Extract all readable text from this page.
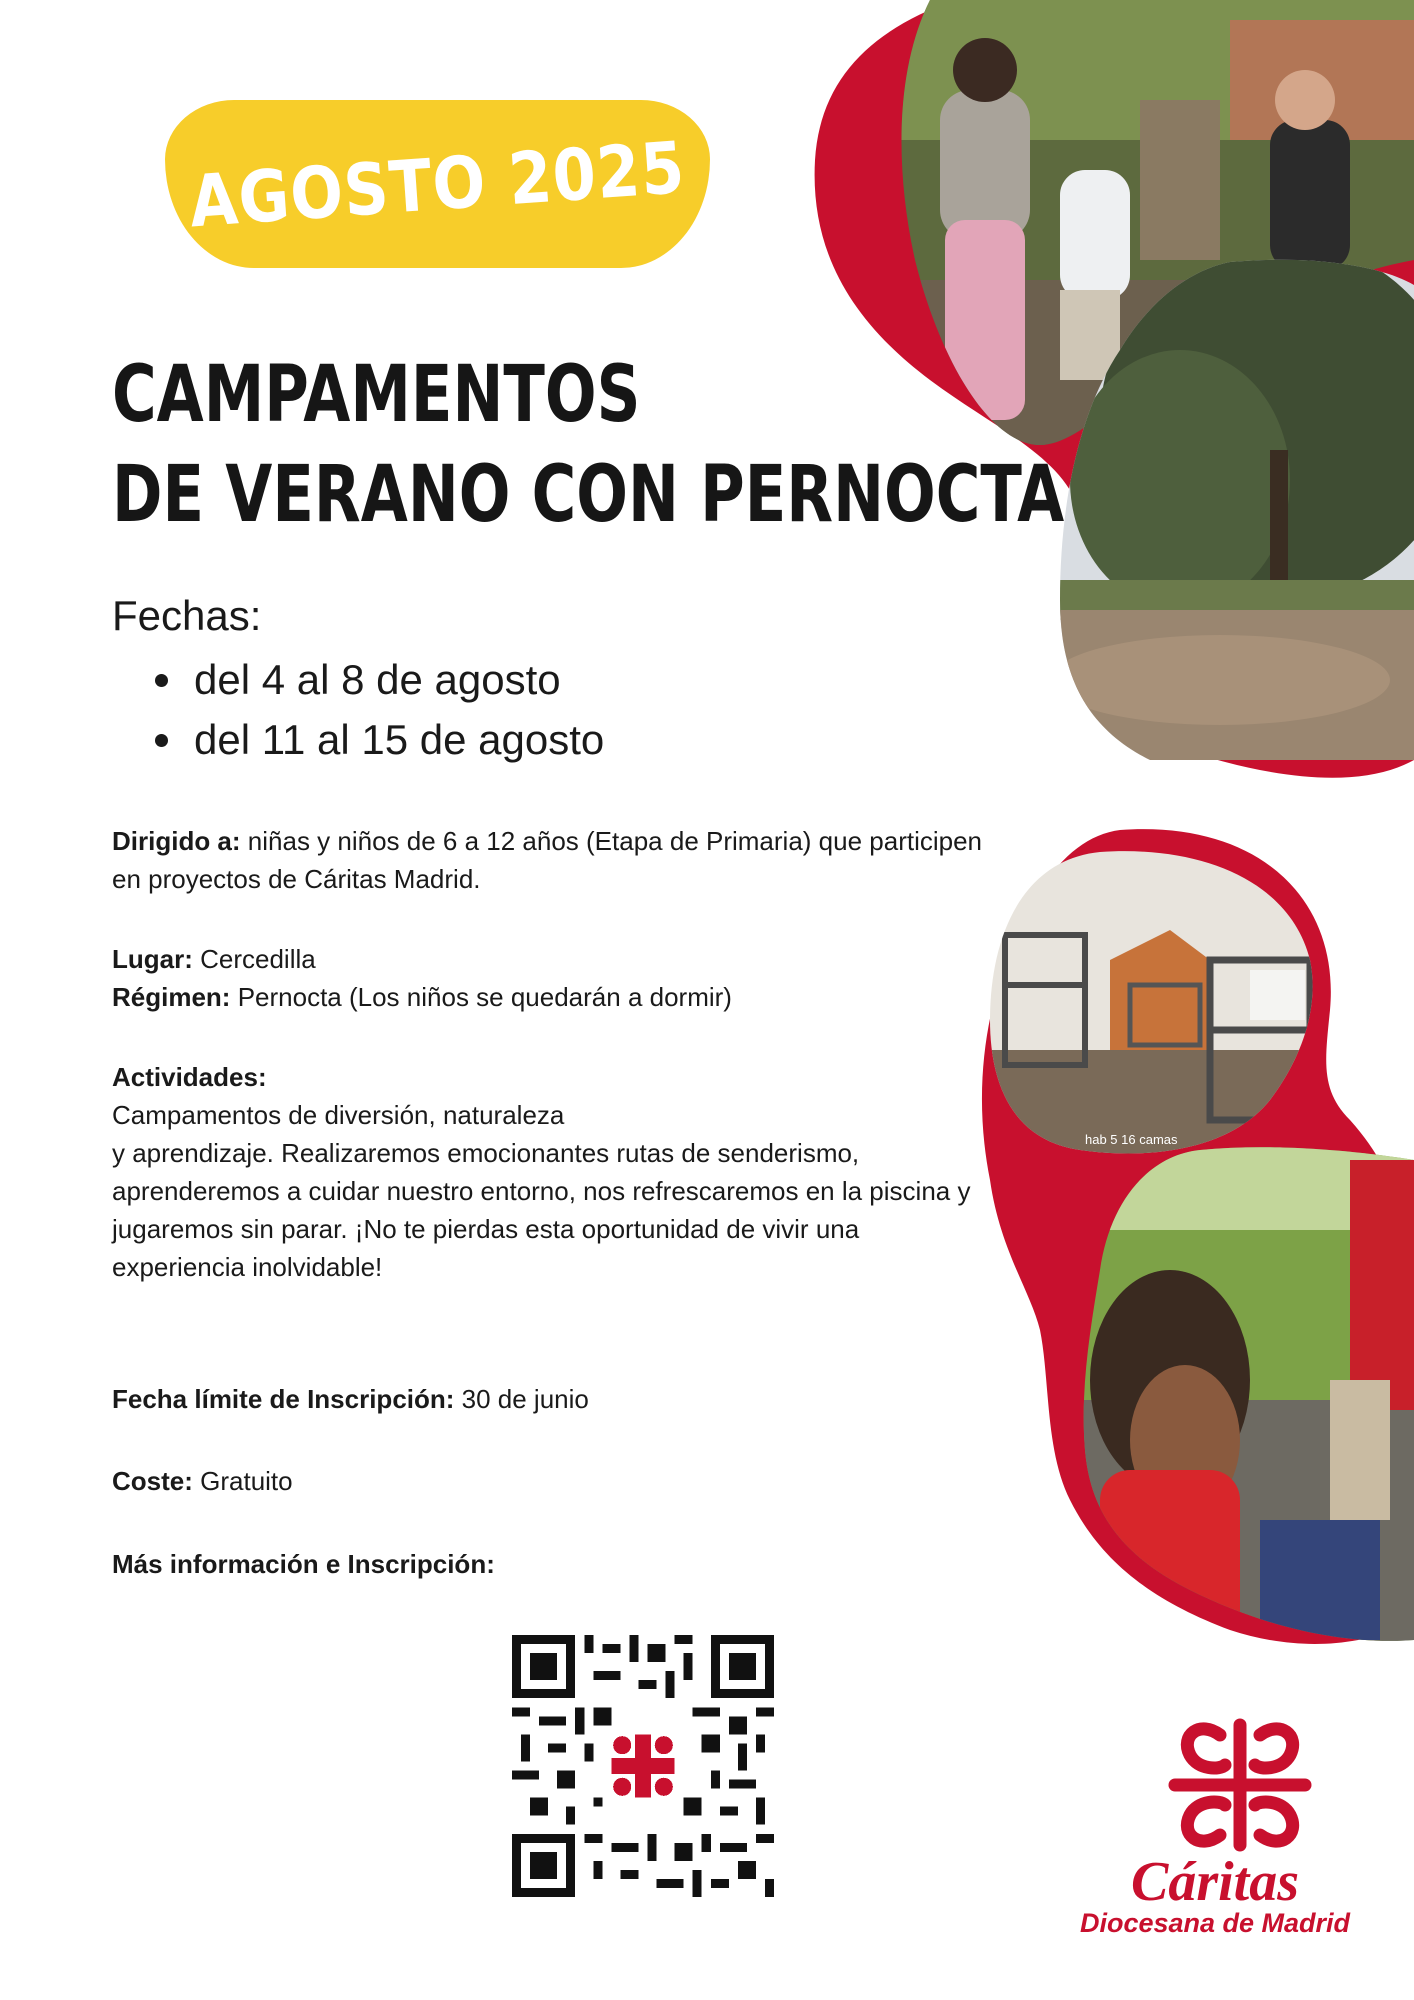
hab 5 16 camas
AGOSTO 2025
CAMPAMENTOS
DE VERANO CON PERNOCTA
Fechas:
del 4 al 8 de agosto
del 11 al 15 de agosto

Dirigido a: niñas y niños de 6 a 12 años (Etapa de Primaria) que participen en proyectos de Cáritas Madrid.

Lugar: Cercedilla
Régimen: Pernocta (Los niños se quedarán a dormir)

Actividades:
Campamentos de diversión, naturaleza
y aprendizaje. Realizaremos emocionantes rutas de senderismo, aprenderemos a cuidar nuestro entorno, nos refrescaremos en la piscina y jugaremos sin parar. ¡No te pierdas esta oportunidad de vivir una experiencia inolvidable!

Fecha límite de Inscripción: 30 de junio

Coste: Gratuito

Más información e Inscripción:

Cáritas
Diocesana de Madrid
